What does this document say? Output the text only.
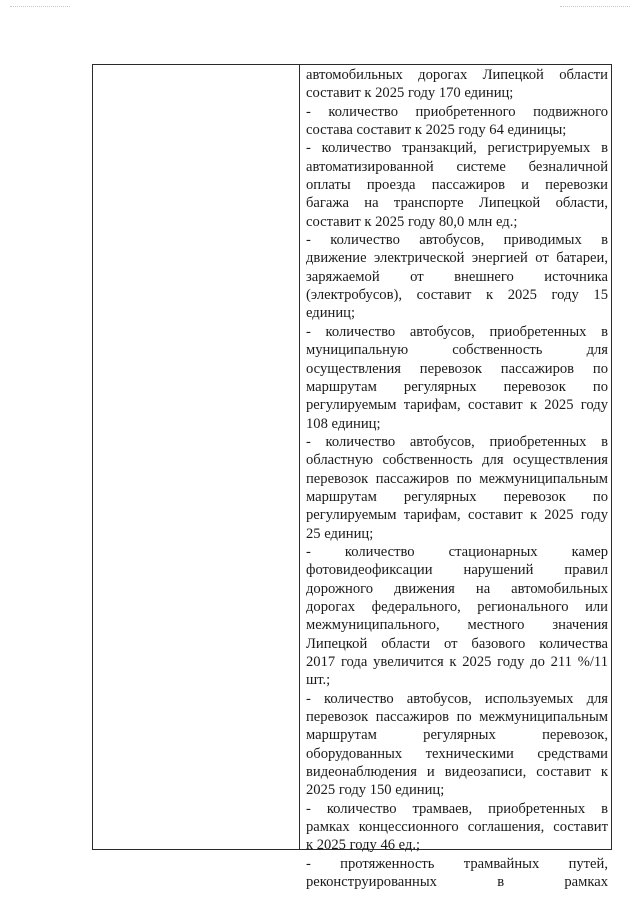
автомобильных дорогах Липецкой области
составит к 2025 году 170 единиц;
- количество приобретенного подвижного
состава составит к 2025 году 64 единицы;
- количество транзакций, регистрируемых в
автоматизированной системе безналичной
оплаты проезда пассажиров и перевозки
багажа на транспорте Липецкой области,
составит к 2025 году 80,0 млн ед.;
- количество автобусов, приводимых в
движение электрической энергией от батареи,
заряжаемой от внешнего источника
(электробусов), составит к 2025 году 15
единиц;
- количество автобусов, приобретенных в
муниципальную собственность для
осуществления перевозок пассажиров по
маршрутам регулярных перевозок по
регулируемым тарифам, составит к 2025 году
108 единиц;
- количество автобусов, приобретенных в
областную собственность для осуществления
перевозок пассажиров по межмуниципальным
маршрутам регулярных перевозок по
регулируемым тарифам, составит к 2025 году
25 единиц;
- количество стационарных камер
фотовидеофиксации нарушений правил
дорожного движения на автомобильных
дорогах федерального, регионального или
межмуниципального, местного значения
Липецкой области от базового количества
2017 года увеличится к 2025 году до 211 %/11
шт.;
- количество автобусов, используемых для
перевозок пассажиров по межмуниципальным
маршрутам регулярных перевозок,
оборудованных техническими средствами
видеонаблюдения и видеозаписи, составит к
2025 году 150 единиц;
- количество трамваев, приобретенных в
рамках концессионного соглашения, составит
к 2025 году 46 ед.;
- протяженность трамвайных путей,
реконструированных в рамках
